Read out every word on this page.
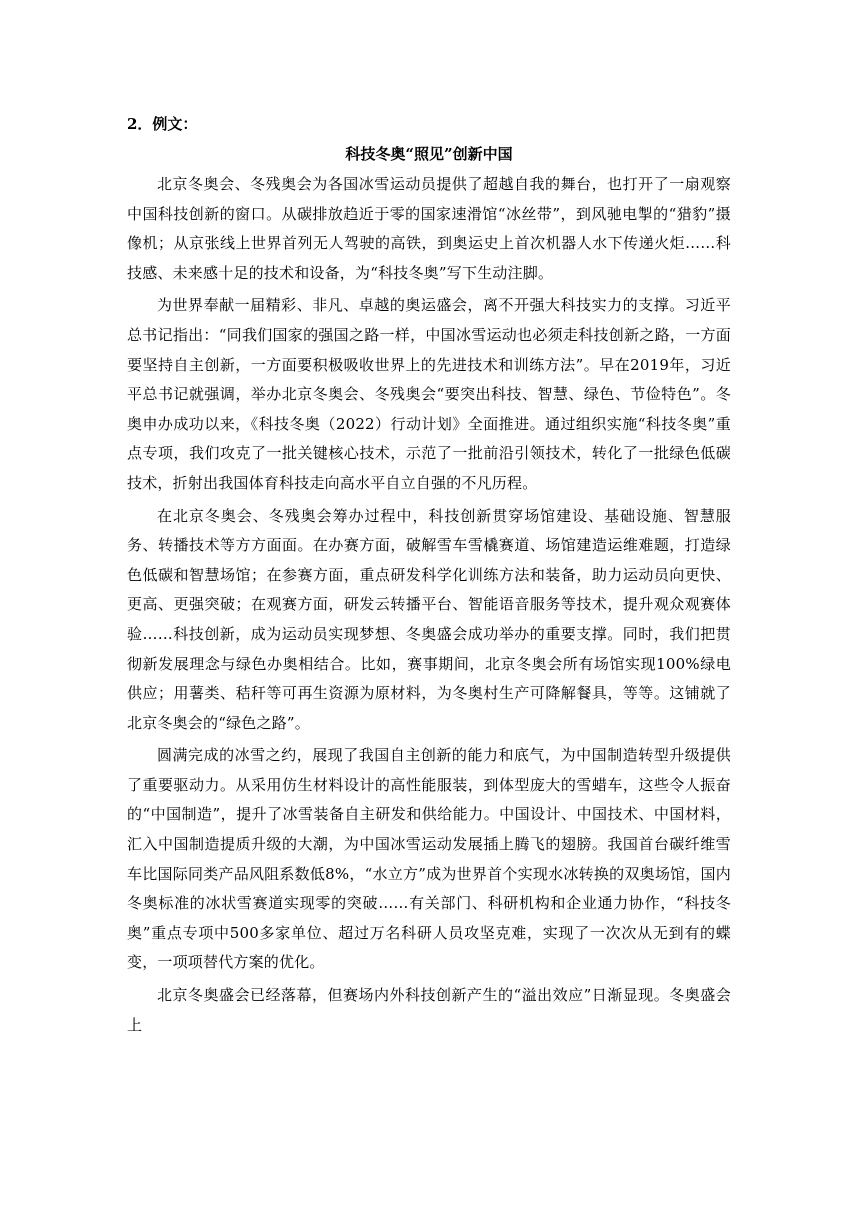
2．例文：
科技冬奥“照见”创新中国

北京冬奥会、冬残奥会为各国冰雪运动员提供了超越自我的舞台，也打开了一扇观察中国科技创新的窗口。从碳排放趋近于零的国家速滑馆“冰丝带”，到风驰电掣的“猎豹”摄像机；从京张线上世界首列无人驾驶的高铁，到奥运史上首次机器人水下传递火炬……科技感、未来感十足的技术和设备，为“科技冬奥”写下生动注脚。

为世界奉献一届精彩、非凡、卓越的奥运盛会，离不开强大科技实力的支撑。习近平总书记指出：“同我们国家的强国之路一样，中国冰雪运动也必须走科技创新之路，一方面要坚持自主创新，一方面要积极吸收世界上的先进技术和训练方法”。早在2019年，习近平总书记就强调，举办北京冬奥会、冬残奥会“要突出科技、智慧、绿色、节俭特色”。冬奥申办成功以来，《科技冬奥（2022）行动计划》全面推进。通过组织实施“科技冬奥”重点专项，我们攻克了一批关键核心技术，示范了一批前沿引领技术，转化了一批绿色低碳技术，折射出我国体育科技走向高水平自立自强的不凡历程。

在北京冬奥会、冬残奥会筹办过程中，科技创新贯穿场馆建设、基础设施、智慧服务、转播技术等方方面面。在办赛方面，破解雪车雪橇赛道、场馆建造运维难题，打造绿色低碳和智慧场馆；在参赛方面，重点研发科学化训练方法和装备，助力运动员向更快、更高、更强突破；在观赛方面，研发云转播平台、智能语音服务等技术，提升观众观赛体验……科技创新，成为运动员实现梦想、冬奥盛会成功举办的重要支撑。同时，我们把贯彻新发展理念与绿色办奥相结合。比如，赛事期间，北京冬奥会所有场馆实现100%绿电供应；用薯类、秸秆等可再生资源为原材料，为冬奥村生产可降解餐具，等等。这铺就了北京冬奥会的“绿色之路”。

圆满完成的冰雪之约，展现了我国自主创新的能力和底气，为中国制造转型升级提供了重要驱动力。从采用仿生材料设计的高性能服装，到体型庞大的雪蜡车，这些令人振奋的“中国制造”，提升了冰雪装备自主研发和供给能力。中国设计、中国技术、中国材料，汇入中国制造提质升级的大潮，为中国冰雪运动发展插上腾飞的翅膀。我国首台碳纤维雪车比国际同类产品风阻系数低8%，“水立方”成为世界首个实现水冰转换的双奥场馆，国内冬奥标准的冰状雪赛道实现零的突破……有关部门、科研机构和企业通力协作，“科技冬奥”重点专项中500多家单位、超过万名科研人员攻坚克难，实现了一次次从无到有的蝶变，一项项替代方案的优化。

北京冬奥盛会已经落幕，但赛场内外科技创新产生的“溢出效应”日渐显现。冬奥盛会上
